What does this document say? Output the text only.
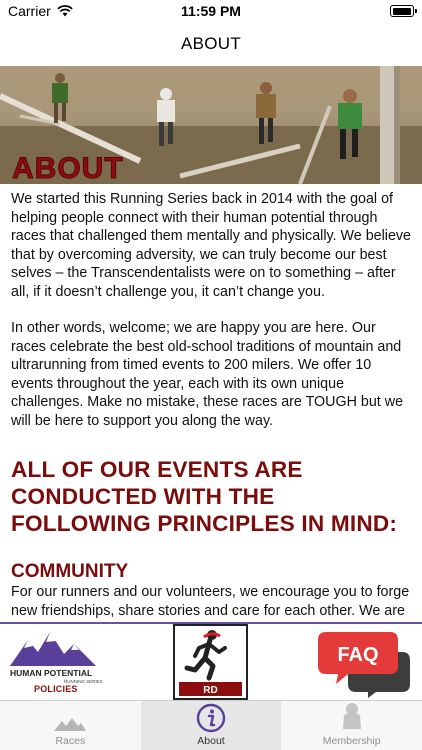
Carrier	11:59 PM
ABOUT
ABOUT

We started this Running Series back in 2014 with the goal of helping people connect with their human potential through races that challenged them mentally and physically. We believe that by overcoming adversity, we can truly become our best selves – the Transcendentalists were on to something – after all, if it doesn’t challenge you, it can’t change you.

In other words, welcome; we are happy you are here. Our races celebrate the best old-school traditions of mountain and ultrarunning from timed events to 200 milers. We offer 10 events throughout the year, each with its own unique challenges. Make no mistake, these races are TOUGH but we will be here to support you along the way.

ALL OF OUR EVENTS ARE CONDUCTED WITH THE FOLLOWING PRINCIPLES IN MIND:
COMMUNITY

For our runners and our volunteers, we encourage you to forge new friendships, share stories and care for each other. We are

HUMAN POTENTIAL
RUNNING SERIES
POLICIES	RD
FAQ
Races	About	Membership
